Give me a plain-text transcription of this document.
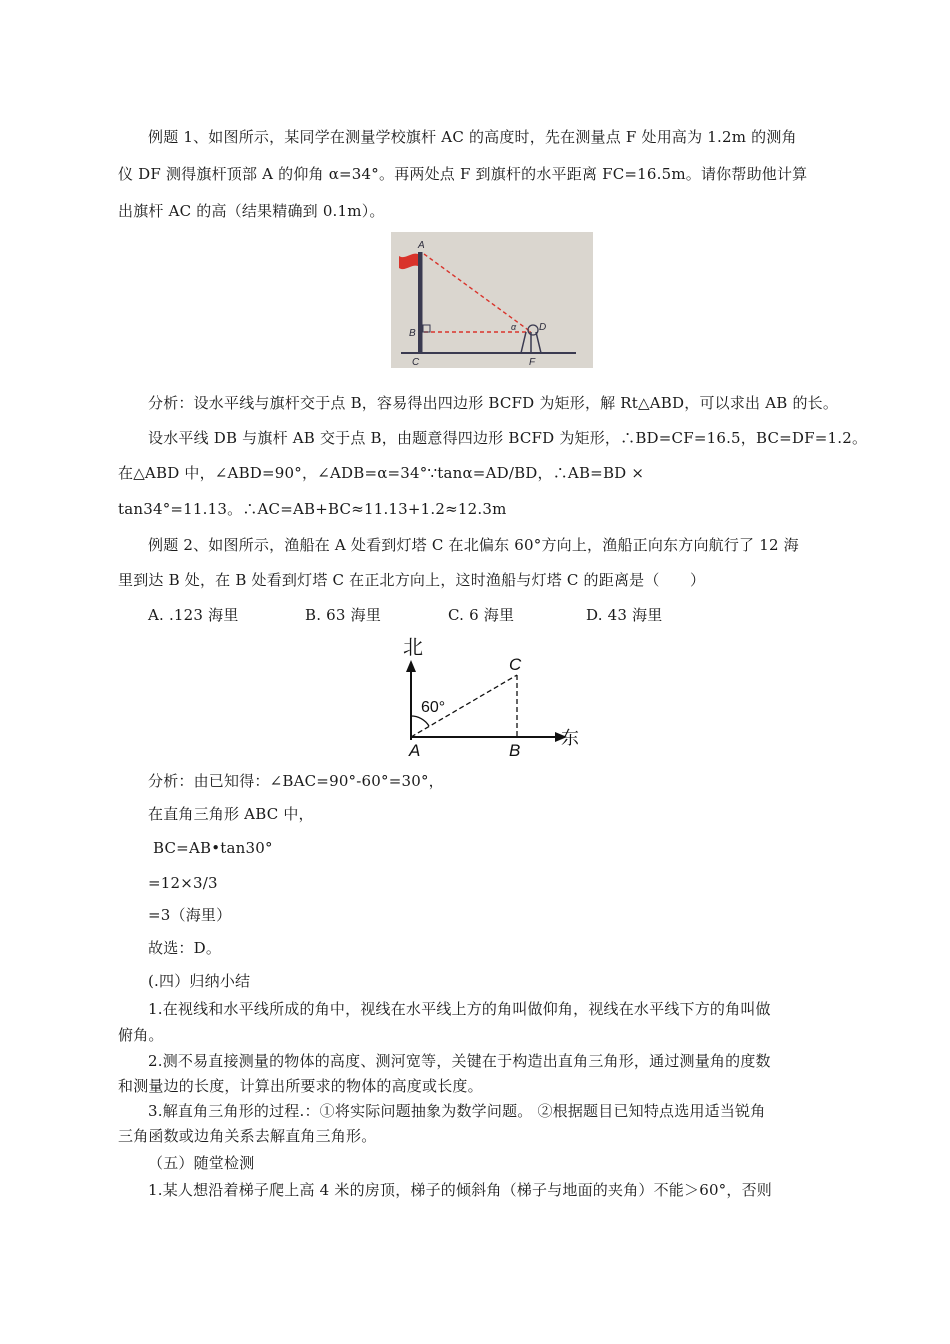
例题 1、如图所示，某同学在测量学校旗杆 AC 的高度时，先在测量点 F 处用高为 1.2m 的测角
仪 DF 测得旗杆顶部 A 的仰角 α=34°。再两处点 F 到旗杆的水平距离 FC=16.5m。请你帮助他计算
出旗杆 AC 的高（结果精确到 0.1m）。
A
B
C
D
F
α
分析：设水平线与旗杆交于点 B，容易得出四边形 BCFD 为矩形，解 Rt△ABD，可以求出 AB 的长。
设水平线 DB 与旗杆 AB 交于点 B，由题意得四边形 BCFD 为矩形，∴BD=CF=16.5，BC=DF=1.2。
在△ABD 中，∠ABD=90°，∠ADB=α=34°∵tanα=AD/BD，∴AB=BD ×
tan34°=11.13。∴AC=AB+BC≈11.13+1.2≈12.3m
例题 2、如图所示，渔船在 A 处看到灯塔 C 在北偏东 60°方向上，渔船正向东方向航行了 12 海
里到达 B 处，在 B 处看到灯塔 C 在正北方向上，这时渔船与灯塔 C 的距离是（　　）
A. .123 海里	B. 63 海里	C. 6 海里	D. 43 海里
北
东
60°
A	B
C
分析：由已知得：∠BAC=90°-60°=30°，
在直角三角形 ABC 中，
BC=AB•tan30°
=12×3/3
=3（海里）
故选：D。
(.四）归纳小结
1.在视线和水平线所成的角中，视线在水平线上方的角叫做仰角，视线在水平线下方的角叫做
俯角。
2.测不易直接测量的物体的高度、测河宽等，关键在于构造出直角三角形，通过测量角的度数
和测量边的长度，计算出所要求的物体的高度或长度。
3.解直角三角形的过程.：①将实际问题抽象为数学问题。 ②根据题目已知特点选用适当锐角
三角函数或边角关系去解直角三角形。
（五）随堂检测
1.某人想沿着梯子爬上高 4 米的房顶，梯子的倾斜角（梯子与地面的夹角）不能＞60°，否则
